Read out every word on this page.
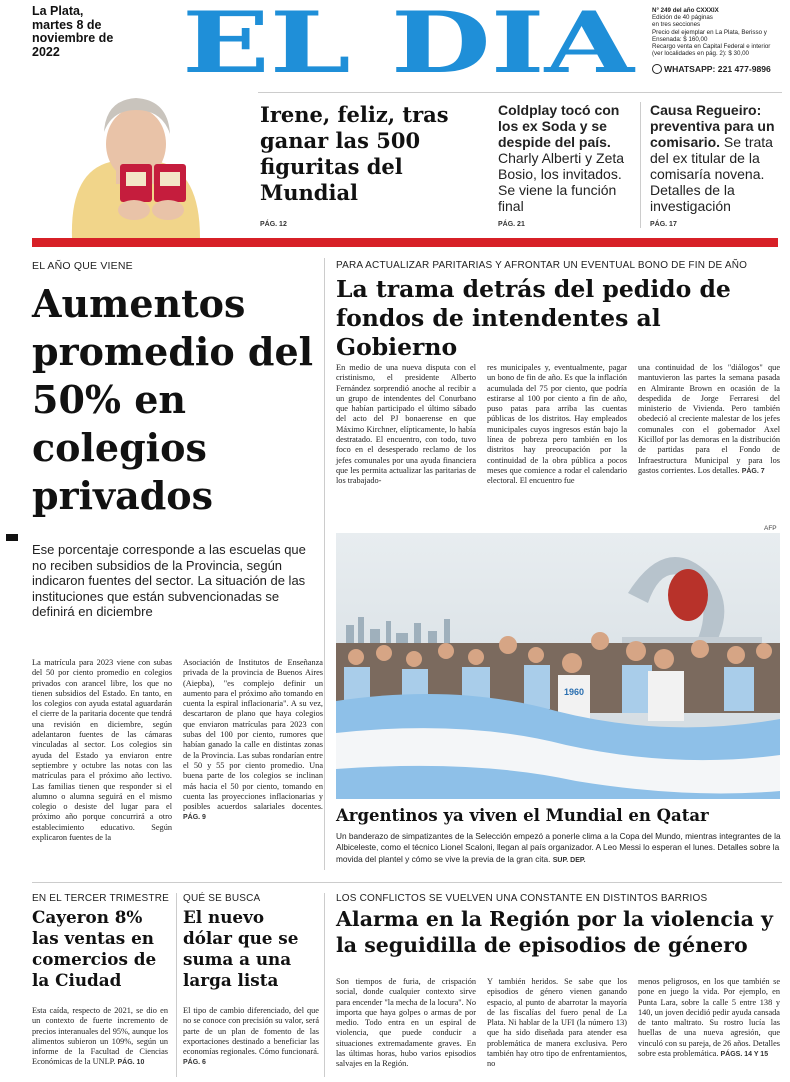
La Plata,
martes 8 de noviembre de 2022	EL DIA	N° 249 del año CXXXIX
Edición de 40 páginas
en tres secciones
Precio del ejemplar en La Plata, Berisso y Ensenada: $ 160,00
Recargo venta en Capital Federal e interior
(ver localidades en pág. 2): $ 30,00
WHATSAPP: 221 477-9896
Irene, feliz, tras ganar las 500 figuritas del Mundial
PÁG. 12
Coldplay tocó con los ex Soda y se despide del país. Charly Alberti y Zeta Bosio, los invitados. Se viene la función final
PÁG. 21
Causa Regueiro: preventiva para un comisario. Se trata del ex titular de la comisaría novena. Detalles de la investigación
PÁG. 17
EL AÑO QUE VIENE
Aumentos promedio del 50% en colegios privados
Ese porcentaje corresponde a las escuelas que no reciben subsidios de la Provincia, según indicaron fuentes del sector. La situación de las instituciones que están subvencionadas se definirá en diciembre
La matrícula para 2023 viene con subas del 50 por ciento promedio en colegios privados con arancel libre, los que no tienen subsidios del Estado. En tanto, en los colegios con ayuda estatal aguardarán el cierre de la paritaria docente que tendrá una revisión en diciembre, según adelantaron fuentes de las cámaras vinculadas al sector. Los colegios sin ayuda del Estado ya enviaron entre septiembre y octubre las notas con las matrículas para el próximo año lectivo. Las familias tienen que responder si el alumno o alumna seguirá en el mismo colegio o desiste del lugar para el próximo año porque concurrirá a otro establecimiento educativo. Según explicaron fuentes de la
Asociación de Institutos de Enseñanza privada de la provincia de Buenos Aires (Aiepba), "es complejo definir un aumento para el próximo año tomando en cuenta la espiral inflacionaria". A su vez, descartaron de plano que haya colegios que enviaron matrículas para 2023 con subas del 100 por ciento, rumores que habían ganado la calle en distintas zonas de la Provincia. Las subas rondarían entre el 50 y 55 por ciento promedio. Una buena parte de los colegios se inclinan más hacia el 50 por ciento, tomando en cuenta las proyecciones inflacionarias y posibles acuerdos salariales docentes. PÁG. 9
PARA ACTUALIZAR PARITARIAS Y AFRONTAR UN EVENTUAL BONO DE FIN DE AÑO
La trama detrás del pedido de fondos de intendentes al Gobierno
En medio de una nueva disputa con el cristinismo, el presidente Alberto Fernández sorprendió anoche al recibir a un grupo de intendentes del Conurbano que habían participado el último sábado del acto del PJ bonaerense en que Máximo Kirchner, elípticamente, lo había destratado. El encuentro, con todo, tuvo foco en el desesperado reclamo de los jefes comunales por una ayuda financiera que les permita actualizar las paritarias de los trabajado-
res municipales y, eventualmente, pagar un bono de fin de año. Es que la inflación acumulada del 75 por ciento, que podría estirarse al 100 por ciento a fin de año, puso patas para arriba las cuentas públicas de los distritos. Hay empleados municipales cuyos ingresos están bajo la línea de pobreza pero también en los distritos hay preocupación por la continuidad de la obra pública a pocos meses que comience a rodar el calendario electoral. El encuentro fue
una continuidad de los "diálogos" que mantuvieron las partes la semana pasada en Almirante Brown en ocasión de la despedida de Jorge Ferraresi del ministerio de Vivienda. Pero también obedeció al creciente malestar de los jefes comunales con el gobernador Axel Kicillof por las demoras en la distribución de partidas para el Fondo de Infraestructura Municipal y para los gastos corrientes. Los detalles. PÁG. 7
AFP
1960
Argentinos ya viven el Mundial en Qatar
Un banderazo de simpatizantes de la Selección empezó a ponerle clima a la Copa del Mundo, mientras integrantes de la Albiceleste, como el técnico Lionel Scaloni, llegan al país organizador. A Leo Messi lo esperan el lunes. Detalles sobre la movida del plantel y cómo se vive la previa de la gran cita. SUP. DEP.
EN EL TERCER TRIMESTRE
Cayeron 8% las ventas en comercios de la Ciudad
Esta caída, respecto de 2021, se dio en un contexto de fuerte incremento de precios interanuales del 95%, aunque los alimentos subieron un 109%, según un informe de la Facultad de Ciencias Económicas de la UNLP. PÁG. 10
QUÉ SE BUSCA
El nuevo dólar que se suma a una larga lista
El tipo de cambio diferenciado, del que no se conoce con precisión su valor, será parte de un plan de fomento de las exportaciones destinado a beneficiar las economías regionales. Cómo funcionará. PÁG. 6
LOS CONFLICTOS SE VUELVEN UNA CONSTANTE EN DISTINTOS BARRIOS
Alarma en la Región por la violencia y la seguidilla de episodios de género
Son tiempos de furia, de crispación social, donde cualquier contexto sirve para encender "la mecha de la locura". No importa que haya golpes o armas de por medio. Todo entra en un espiral de violencia, que puede conducir a situaciones extremadamente graves. En las últimas horas, hubo varios episodios salvajes en la Región.
Y también heridos. Se sabe que los episodios de género vienen ganando espacio, al punto de abarrotar la mayoría de las fiscalías del fuero penal de La Plata. Ni hablar de la UFI (la número 13) que ha sido diseñada para atender esa problemática de manera exclusiva. Pero también hay otro tipo de enfrentamientos, no
menos peligrosos, en los que también se pone en juego la vida. Por ejemplo, en Punta Lara, sobre la calle 5 entre 138 y 140, un joven decidió pedir ayuda cansada de tanto maltrato. Su rostro lucía las huellas de una nueva agresión, que vinculó con su pareja, de 26 años. Detalles sobre esta problemática. PÁGS. 14 Y 15
